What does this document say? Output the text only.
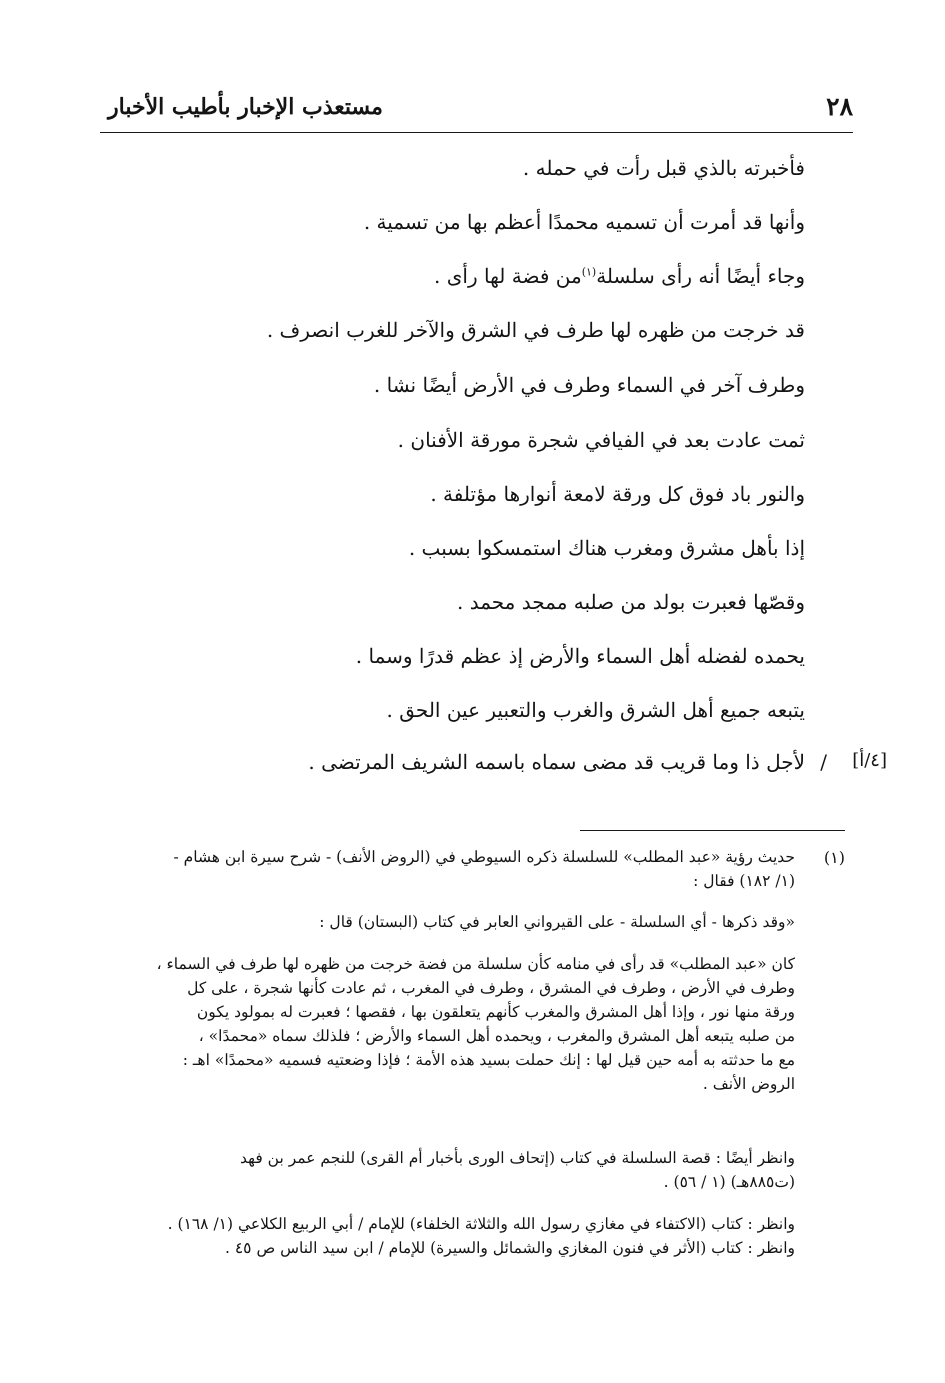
٢٨
مستعذب الإخبار بأطيب الأخبار
فأخبرته بالذي قبل رأت في حمله .
وأنها قد أمرت أن تسميه محمدًا أعظم بها من تسمية .
وجاء أيضًا أنه رأى سلسلة$^{(١)}$من فضة لها رأى .
قد خرجت من ظهره لها طرف في الشرق والآخر للغرب انصرف .
وطرف آخر في السماء وطرف في الأرض أيضًا نشا .
ثمت عادت بعد في الفيافي شجرة مورقة الأفنان .
والنور باد فوق كل ورقة لامعة أنوارها مؤتلفة .
إذا بأهل مشرق ومغرب هناك استمسكوا بسبب .
وقصّها فعبرت بولد من صلبه ممجد محمد .
يحمده لفضله أهل السماء والأرض إذ عظم قدرًا وسما .
يتبعه جميع أهل الشرق والغرب والتعبير عين الحق .
لأجل ذا وما قريب قد مضى سماه باسمه الشريف المرتضى . / [٤/أ]
(١)
حديث رؤية «عبد المطلب» للسلسلة ذكره السيوطي في (الروض الأنف) - شرح سيرة ابن هشام -
(١/ ١٨٢) فقال :
«وقد ذكرها - أي السلسلة - على القيرواني العابر في كتاب (البستان) قال :
كان «عبد المطلب» قد رأى في منامه كأن سلسلة من فضة خرجت من ظهره لها طرف في السماء ،
وطرف في الأرض ، وطرف في المشرق ، وطرف في المغرب ، ثم عادت كأنها شجرة ، على كل
ورقة منها نور ، وإذا أهل المشرق والمغرب كأنهم يتعلقون بها ، فقصها ؛ فعبرت له بمولود يكون
من صلبه يتبعه أهل المشرق والمغرب ، ويحمده أهل السماء والأرض ؛ فلذلك سماه «محمدًا» ،
مع ما حدثته به أمه حين قيل لها : إنك حملت بسيد هذه الأمة ؛ فإذا وضعتيه فسميه «محمدًا» اهـ :
الروض الأنف .
وانظر أيضًا : قصة السلسلة في كتاب (إتحاف الورى بأخبار أم القرى) للنجم عمر بن فهد
(ت٨٨٥هـ) (١ / ٥٦) .
وانظر : كتاب (الاكتفاء في مغازي رسول الله والثلاثة الخلفاء) للإمام / أبي الربيع الكلاعي (١/ ١٦٨) .
وانظر : كتاب (الأثر في فنون المغازي والشمائل والسيرة) للإمام / ابن سيد الناس ص ٤٥ .
